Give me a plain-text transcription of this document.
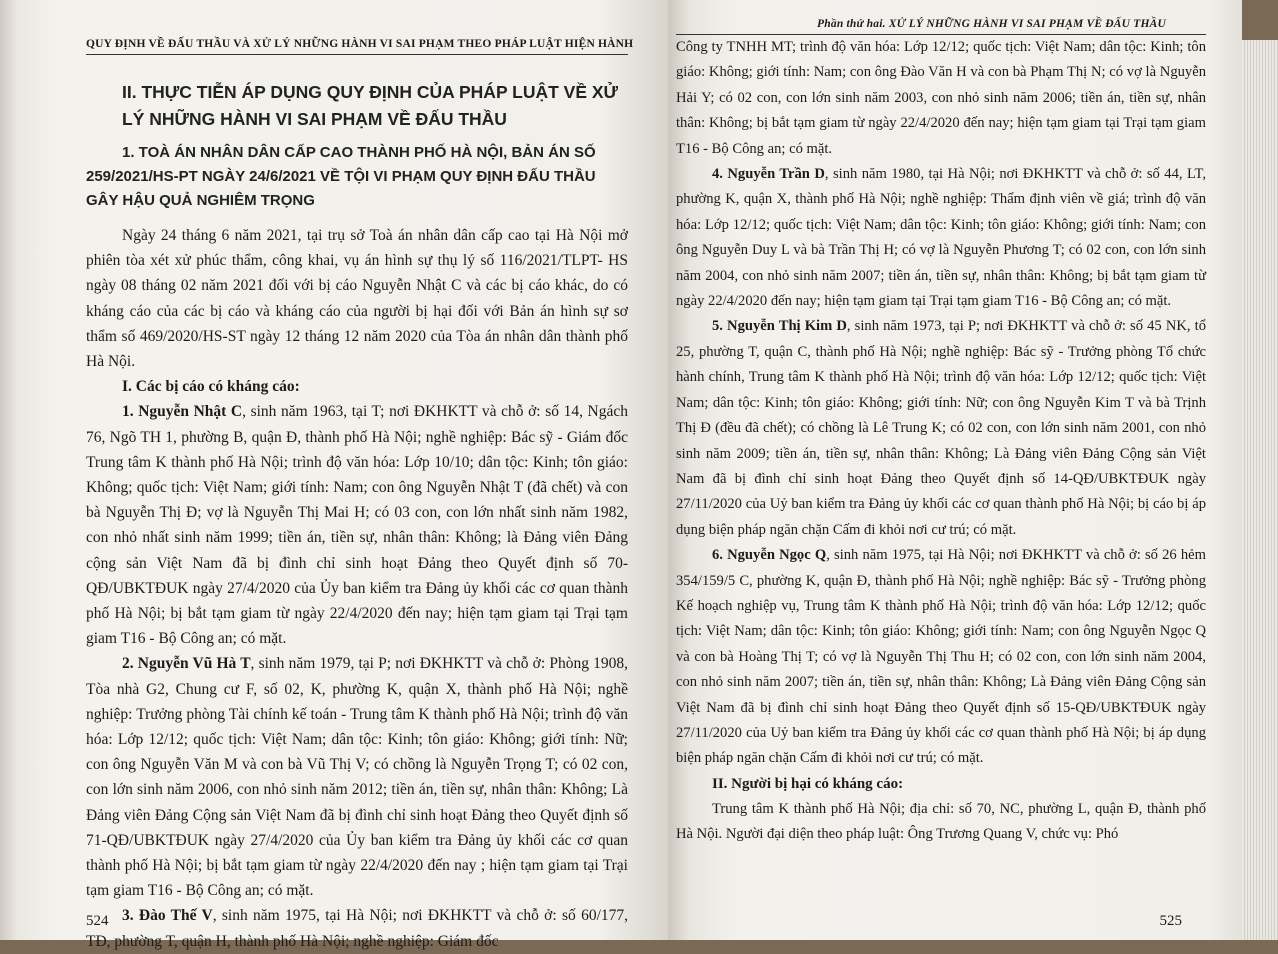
QUY ĐỊNH VỀ ĐẤU THẦU VÀ XỬ LÝ NHỮNG HÀNH VI SAI PHẠM THEO PHÁP LUẬT HIỆN HÀNH
II. THỰC TIỄN ÁP DỤNG QUY ĐỊNH CỦA PHÁP LUẬT VỀ XỬ LÝ NHỮNG HÀNH VI SAI PHẠM VỀ ĐẤU THẦU
1. TOÀ ÁN NHÂN DÂN CẤP CAO THÀNH PHỐ HÀ NỘI, BẢN ÁN SỐ 259/2021/HS-PT NGÀY 24/6/2021 VỀ TỘI VI PHẠM QUY ĐỊNH ĐẤU THẦU GÂY HẬU QUẢ NGHIÊM TRỌNG

Ngày 24 tháng 6 năm 2021, tại trụ sở Toà án nhân dân cấp cao tại Hà Nội mở phiên tòa xét xử phúc thẩm, công khai, vụ án hình sự thụ lý số 116/2021/TLPT- HS ngày 08 tháng 02 năm 2021 đối với bị cáo Nguyễn Nhật C và các bị cáo khác, do có kháng cáo của các bị cáo và kháng cáo của người bị hại đối với Bản án hình sự sơ thẩm số 469/2020/HS-ST ngày 12 tháng 12 năm 2020 của Tòa án nhân dân thành phố Hà Nội.

I. Các bị cáo có kháng cáo:

1. Nguyễn Nhật C, sinh năm 1963, tại T; nơi ĐKHKTT và chỗ ở: số 14, Ngách 76, Ngõ TH 1, phường B, quận Đ, thành phố Hà Nội; nghề nghiệp: Bác sỹ - Giám đốc Trung tâm K thành phố Hà Nội; trình độ văn hóa: Lớp 10/10; dân tộc: Kinh; tôn giáo: Không; quốc tịch: Việt Nam; giới tính: Nam; con ông Nguyễn Nhật T (đã chết) và con bà Nguyễn Thị Đ; vợ là Nguyễn Thị Mai H; có 03 con, con lớn nhất sinh năm 1982, con nhỏ nhất sinh năm 1999; tiền án, tiền sự, nhân thân: Không; là Đảng viên Đảng cộng sản Việt Nam đã bị đình chỉ sinh hoạt Đảng theo Quyết định số 70-QĐ/UBKTĐUK ngày 27/4/2020 của Ủy ban kiểm tra Đảng ủy khối các cơ quan thành phố Hà Nội; bị bắt tạm giam từ ngày 22/4/2020 đến nay; hiện tạm giam tại Trại tạm giam T16 - Bộ Công an; có mặt.

2. Nguyễn Vũ Hà T, sinh năm 1979, tại P; nơi ĐKHKTT và chỗ ở: Phòng 1908, Tòa nhà G2, Chung cư F, số 02, K, phường K, quận X, thành phố Hà Nội; nghề nghiệp: Trưởng phòng Tài chính kế toán - Trung tâm K thành phố Hà Nội; trình độ văn hóa: Lớp 12/12; quốc tịch: Việt Nam; dân tộc: Kinh; tôn giáo: Không; giới tính: Nữ; con ông Nguyễn Văn M và con bà Vũ Thị V; có chồng là Nguyễn Trọng T; có 02 con, con lớn sinh năm 2006, con nhỏ sinh năm 2012; tiền án, tiền sự, nhân thân: Không; Là Đảng viên Đảng Cộng sản Việt Nam đã bị đình chỉ sinh hoạt Đảng theo Quyết định số 71-QĐ/UBKTĐUK ngày 27/4/2020 của Ủy ban kiểm tra Đảng ủy khối các cơ quan thành phố Hà Nội; bị bắt tạm giam từ ngày 22/4/2020 đến nay ; hiện tạm giam tại Trại tạm giam T16 - Bộ Công an; có mặt.

3. Đào Thế V, sinh năm 1975, tại Hà Nội; nơi ĐKHKTT và chỗ ở: số 60/177, TĐ, phường T, quận H, thành phố Hà Nội; nghề nghiệp: Giám đốc

524
Phần thứ hai. XỬ LÝ NHỮNG HÀNH VI SAI PHẠM VỀ ĐẤU THẦU

Công ty TNHH MT; trình độ văn hóa: Lớp 12/12; quốc tịch: Việt Nam; dân tộc: Kinh; tôn giáo: Không; giới tính: Nam; con ông Đào Văn H và con bà Phạm Thị N; có vợ là Nguyễn Hải Y; có 02 con, con lớn sinh năm 2003, con nhỏ sinh năm 2006; tiền án, tiền sự, nhân thân: Không; bị bắt tạm giam từ ngày 22/4/2020 đến nay; hiện tạm giam tại Trại tạm giam T16 - Bộ Công an; có mặt.

4. Nguyễn Trần D, sinh năm 1980, tại Hà Nội; nơi ĐKHKTT và chỗ ở: số 44, LT, phường K, quận X, thành phố Hà Nội; nghề nghiệp: Thẩm định viên về giá; trình độ văn hóa: Lớp 12/12; quốc tịch: Việt Nam; dân tộc: Kinh; tôn giáo: Không; giới tính: Nam; con ông Nguyễn Duy L và bà Trần Thị H; có vợ là Nguyễn Phương T; có 02 con, con lớn sinh năm 2004, con nhỏ sinh năm 2007; tiền án, tiền sự, nhân thân: Không; bị bắt tạm giam từ ngày 22/4/2020 đến nay; hiện tạm giam tại Trại tạm giam T16 - Bộ Công an; có mặt.

5. Nguyễn Thị Kim D, sinh năm 1973, tại P; nơi ĐKHKTT và chỗ ở: số 45 NK, tổ 25, phường T, quận C, thành phố Hà Nội; nghề nghiệp: Bác sỹ - Trưởng phòng Tổ chức hành chính, Trung tâm K thành phố Hà Nội; trình độ văn hóa: Lớp 12/12; quốc tịch: Việt Nam; dân tộc: Kinh; tôn giáo: Không; giới tính: Nữ; con ông Nguyễn Kim T và bà Trịnh Thị Đ (đều đã chết); có chồng là Lê Trung K; có 02 con, con lớn sinh năm 2001, con nhỏ sinh năm 2009; tiền án, tiền sự, nhân thân: Không; Là Đảng viên Đảng Cộng sản Việt Nam đã bị đình chỉ sinh hoạt Đảng theo Quyết định số 14-QĐ/UBKTĐUK ngày 27/11/2020 của Uỷ ban kiểm tra Đảng ủy khối các cơ quan thành phố Hà Nội; bị cáo bị áp dụng biện pháp ngăn chặn Cấm đi khỏi nơi cư trú; có mặt.

6. Nguyễn Ngọc Q, sinh năm 1975, tại Hà Nội; nơi ĐKHKTT và chỗ ở: số 26 hẻm 354/159/5 C, phường K, quận Đ, thành phố Hà Nội; nghề nghiệp: Bác sỹ - Trưởng phòng Kế hoạch nghiệp vụ, Trung tâm K thành phố Hà Nội; trình độ văn hóa: Lớp 12/12; quốc tịch: Việt Nam; dân tộc: Kinh; tôn giáo: Không; giới tính: Nam; con ông Nguyễn Ngọc Q và con bà Hoàng Thị T; có vợ là Nguyễn Thị Thu H; có 02 con, con lớn sinh năm 2004, con nhỏ sinh năm 2007; tiền án, tiền sự, nhân thân: Không; Là Đảng viên Đảng Cộng sản Việt Nam đã bị đình chỉ sinh hoạt Đảng theo Quyết định số 15-QĐ/UBKTĐUK ngày 27/11/2020 của Uỷ ban kiểm tra Đảng ủy khối các cơ quan thành phố Hà Nội; bị áp dụng biện pháp ngăn chặn Cấm đi khỏi nơi cư trú; có mặt.

II. Người bị hại có kháng cáo:

Trung tâm K thành phố Hà Nội; địa chỉ: số 70, NC, phường L, quận Đ, thành phố Hà Nội. Người đại diện theo pháp luật: Ông Trương Quang V, chức vụ: Phó

525
